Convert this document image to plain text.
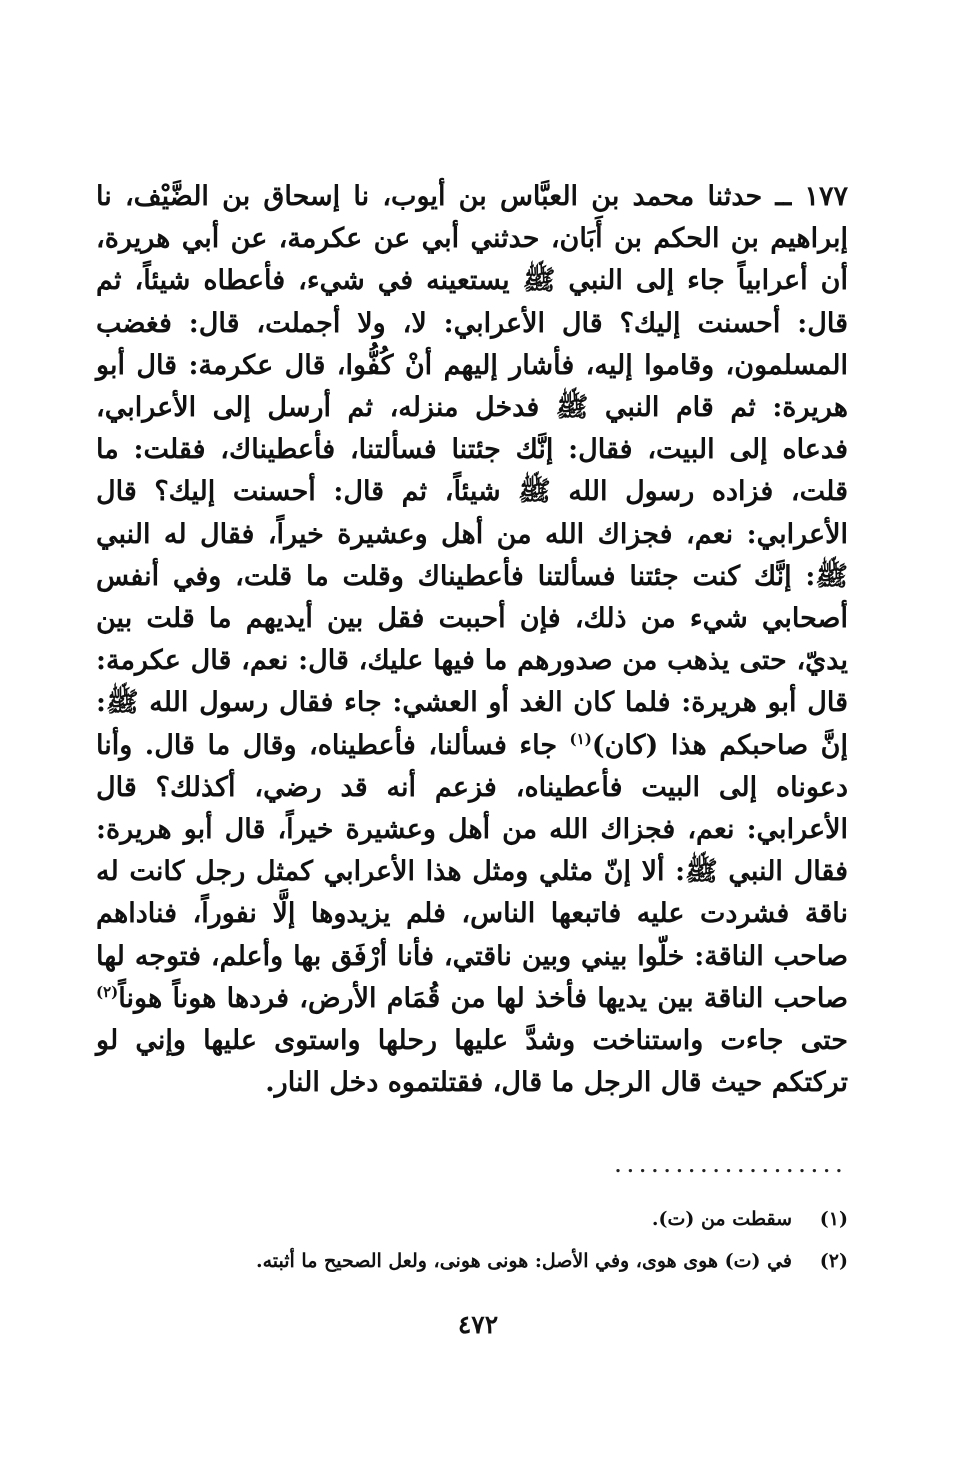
١٧٧ ــ حدثنا محمد بن العبَّاس بن أيوب، نا إسحاق بن الضَّيْف، نا إبراهيم بن الحكم بن أَبَان، حدثني أبي عن عكرمة، عن أبي هريرة، أن أعرابياً جاء إلى النبي ﷺ يستعينه في شيء، فأعطاه شيئاً، ثم قال: أحسنت إليك؟ قال الأعرابي: لا، ولا أجملت، قال: فغضب المسلمون، وقاموا إليه، فأشار إليهم أنْ كُفُّوا، قال عكرمة: قال أبو هريرة: ثم قام النبي ﷺ فدخل منزله، ثم أرسل إلى الأعرابي، فدعاه إلى البيت، فقال: إنَّك جئتنا فسألتنا، فأعطيناك، فقلت: ما قلت، فزاده رسول الله ﷺ شيئاً، ثم قال: أحسنت إليك؟ قال الأعرابي: نعم، فجزاك الله من أهل وعشيرة خيراً، فقال له النبي ﷺ: إنَّك كنت جئتنا فسألتنا فأعطيناك وقلت ما قلت، وفي أنفس أصحابي شيء من ذلك، فإن أحببت فقل بين أيديهم ما قلت بين يديّ، حتى يذهب من صدورهم ما فيها عليك، قال: نعم، قال عكرمة: قال أبو هريرة: فلما كان الغد أو العشي: جاء فقال رسول الله ﷺ: إنَّ صاحبكم هذا (كان)$^{(١)}$ جاء فسألنا، فأعطيناه، وقال ما قال. وأنا دعوناه إلى البيت فأعطيناه، فزعم أنه قد رضي، أكذلك؟ قال الأعرابي: نعم، فجزاك الله من أهل وعشيرة خيراً، قال أبو هريرة: فقال النبي ﷺ: ألا إنّ مثلي ومثل هذا الأعرابي كمثل رجل كانت له ناقة فشردت عليه فاتبعها الناس، فلم يزيدوها إلَّا نفوراً، فناداهم صاحب الناقة: خلّوا بيني وبين ناقتي، فأنا أرْفَق بها وأعلم، فتوجه لها صاحب الناقة بين يديها فأخذ لها من قُمَام الأرض، فردها هوناً هوناً$^{(٢)}$ حتى جاءت واستناخت وشدَّ عليها رحلها واستوى عليها وإني لو تركتكم حيث قال الرجل ما قال، فقتلتموه دخل النار.
...................
(١)
سقطت من (ت).
(٢)
في (ت) هوى هوى، وفي الأصل: هونى هونى، ولعل الصحيح ما أثبته.
٤٧٢
